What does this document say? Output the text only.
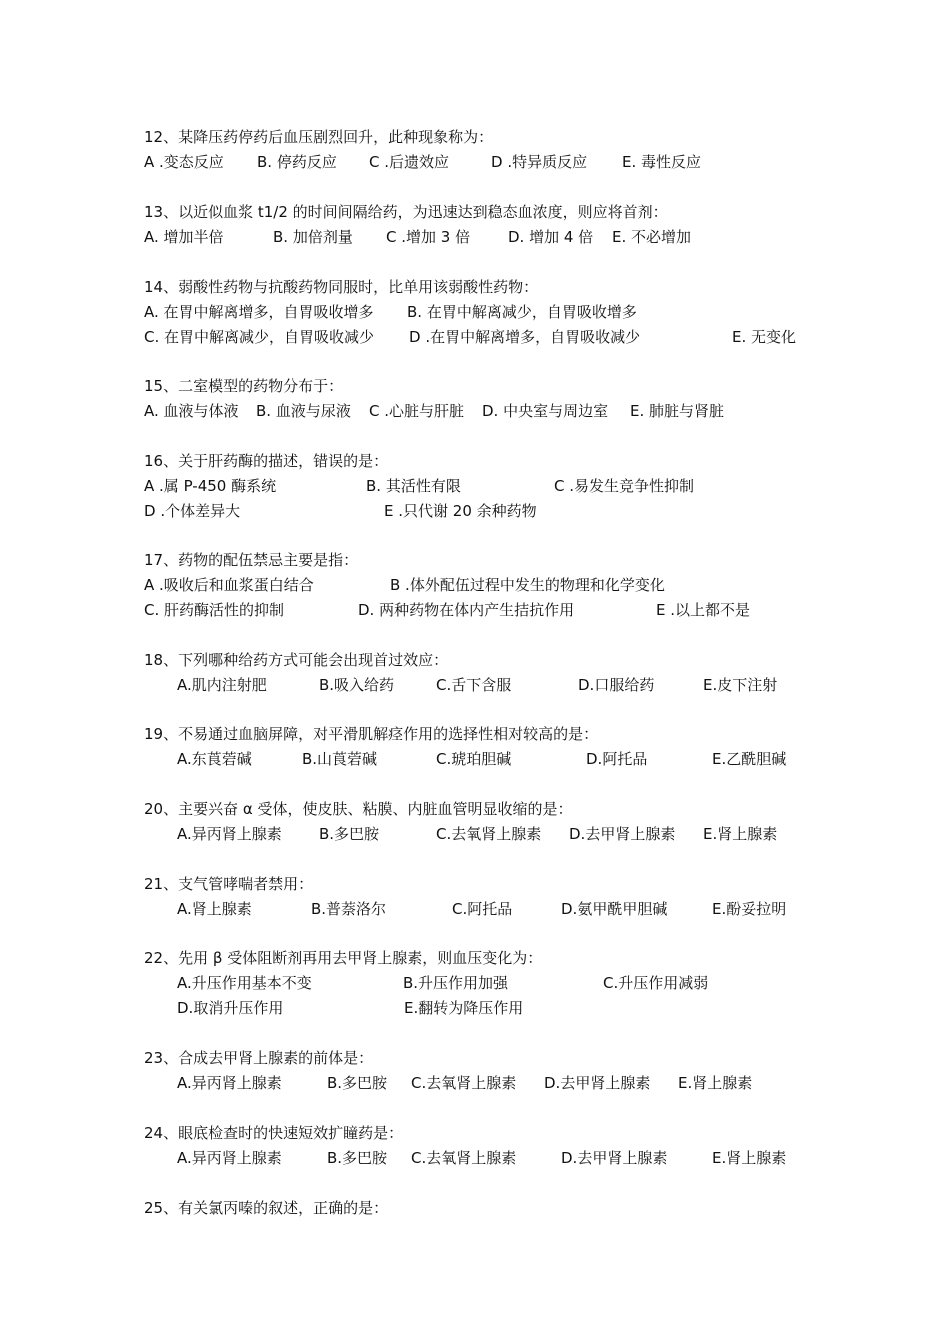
12、某降压药停药后血压剧烈回升，此种现象称为：
A .变态反应 B. 停药反应 C .后遗效应	D .特异质反应 E. 毒性反应
13、以近似血浆 t1/2 的时间间隔给药，为迅速达到稳态血浓度，则应将首剂：
A. 增加半倍	B. 加倍剂量 C .增加 3 倍	D. 增加 4 倍 E. 不必增加
14、弱酸性药物与抗酸药物同服时，比单用该弱酸性药物：
A. 在胃中解离增多，自胃吸收增多 B. 在胃中解离减少，自胃吸收增多
C. 在胃中解离减少，自胃吸收减少 D .在胃中解离增多，自胃吸收减少	E. 无变化
15、二室模型的药物分布于：
A. 血液与体液 B. 血液与尿液 C .心脏与肝脏 D. 中央室与周边室 E. 肺脏与肾脏
16、关于肝药酶的描述，错误的是：
A .属 P-450 酶系统	B. 其活性有限	C .易发生竞争性抑制
D .个体差异大	E .只代谢 20 余种药物
17、药物的配伍禁忌主要是指：
A .吸收后和血浆蛋白结合	B .体外配伍过程中发生的物理和化学变化
C. 肝药酶活性的抑制	D. 两种药物在体内产生拮抗作用	E .以上都不是
18、下列哪种给药方式可能会出现首过效应：
A.肌内注射肥	B.吸入给药	C.舌下含服	D.口服给药	E.皮下注射
19、不易通过血脑屏障，对平滑肌解痉作用的选择性相对较高的是：
A.东莨菪碱	B.山莨菪碱	C.琥珀胆碱	D.阿托品	E.乙酰胆碱
20、主要兴奋 α 受体，使皮肤、粘膜、内脏血管明显收缩的是：
A.异丙肾上腺素 B.多巴胺	C.去氧肾上腺素 D.去甲肾上腺素 E.肾上腺素
21、支气管哮喘者禁用：
A.肾上腺素	B.普萘洛尔	C.阿托品	D.氨甲酰甲胆碱	E.酚妥拉明
22、先用 β 受体阻断剂再用去甲肾上腺素，则血压变化为：
A.升压作用基本不变	B.升压作用加强	C.升压作用减弱
D.取消升压作用	E.翻转为降压作用
23、合成去甲肾上腺素的前体是：
A.异丙肾上腺素	B.多巴胺 C.去氧肾上腺素 D.去甲肾上腺素 E.肾上腺素
24、眼底检查时的快速短效扩瞳药是：
A.异丙肾上腺素	B.多巴胺 C.去氧肾上腺素	D.去甲肾上腺素	E.肾上腺素
25、有关氯丙嗪的叙述，正确的是：
